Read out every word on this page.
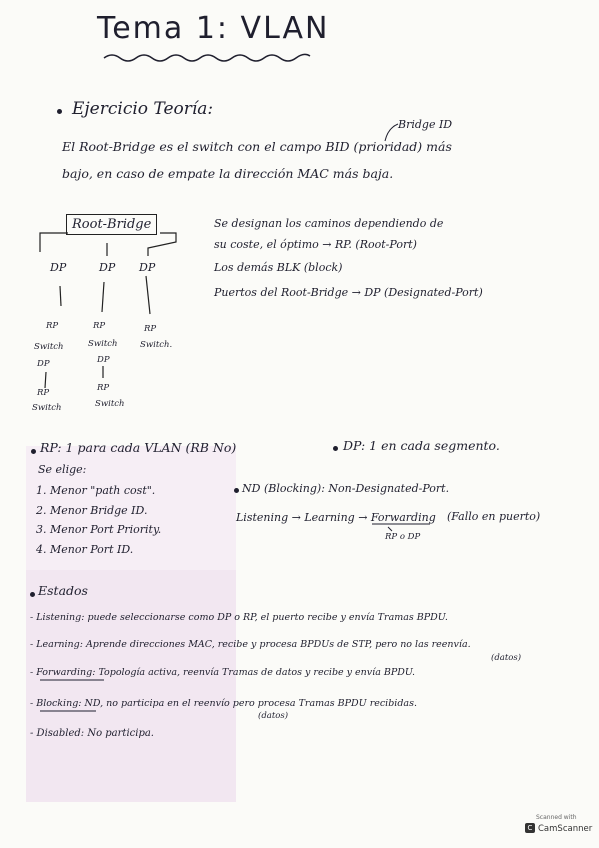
Tema 1: VLAN
Ejercicio Teoría:
Bridge ID
El Root-Bridge es el switch con el campo BID (prioridad) más
bajo, en caso de empate la dirección MAC más baja.
Root-Bridge
DP	DP DP
RP	RP	RP
Switch	Switch	Switch.
DP	DP
RP	RP
Switch	Switch
Se designan los caminos dependiendo de
su coste, el óptimo → RP. (Root-Port)
Los demás BLK (block)
Puertos del Root-Bridge → DP (Designated-Port)
RP: 1 para cada VLAN (RB No)
Se elige:
1. Menor "path cost".
2. Menor Bridge ID.
3. Menor Port Priority.
4. Menor Port ID.
DP: 1 en cada segmento.
ND (Blocking): Non-Designated-Port.
Listening → Learning → Forwarding (Fallo en puerto)
RP o DP
Estados
- Listening: puede seleccionarse como DP o RP, el puerto recibe y envía Tramas BPDU.
- Learning: Aprende direcciones MAC, recibe y procesa BPDUs de STP, pero no las reenvía.
(datos)
- Forwarding: Topología activa, reenvía Tramas de datos y recibe y envía BPDU.
- Blocking: ND, no participa en el reenvío pero procesa Tramas BPDU recibidas.
(datos)
- Disabled: No participa.
Scanned with
C CamScanner
